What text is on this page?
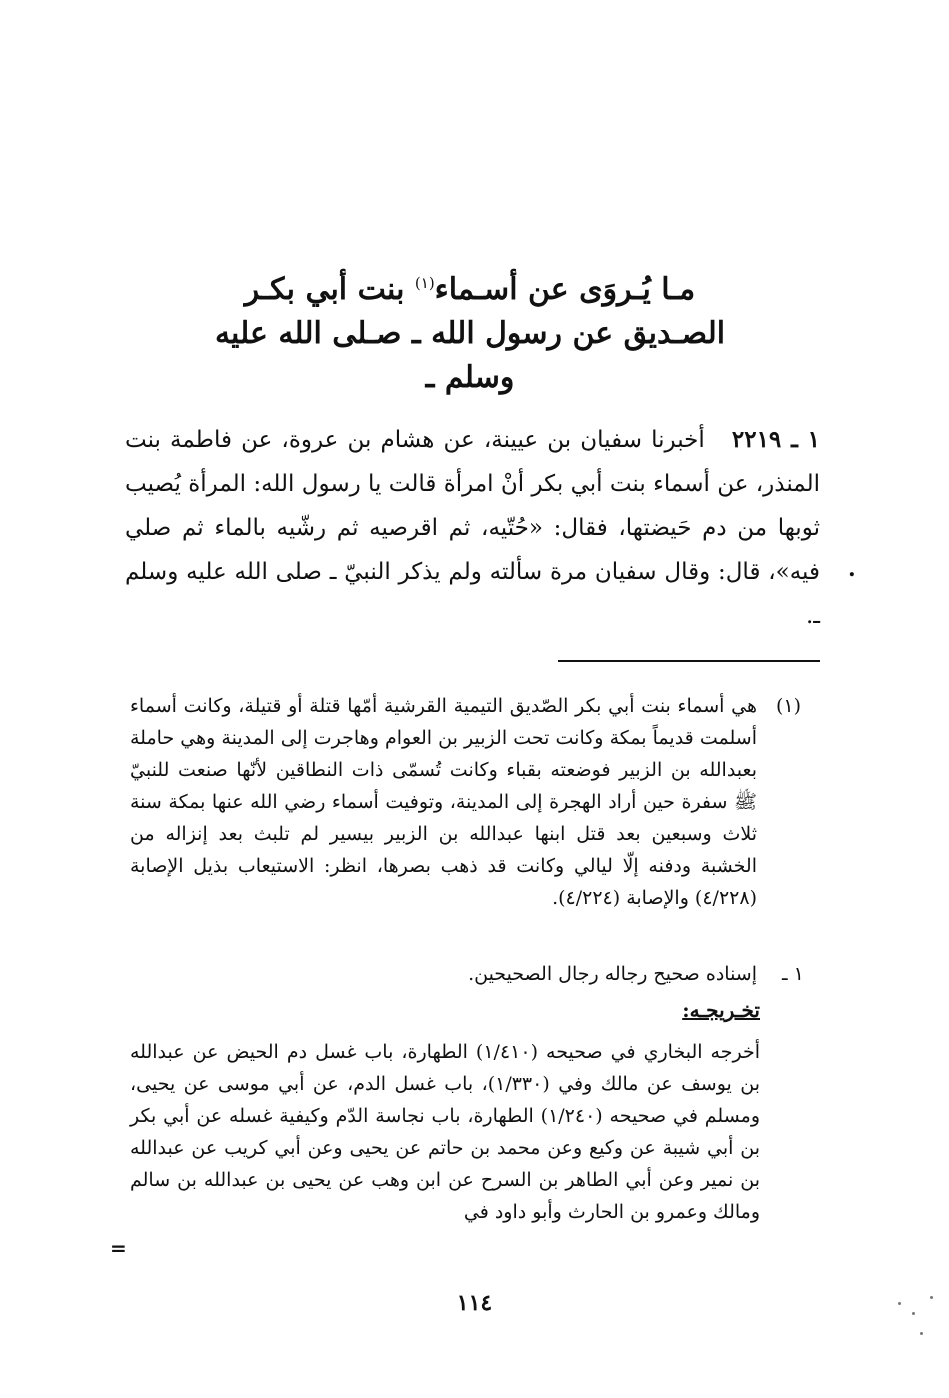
مـا يُـروَى عن أسـماء$^{(١)}$ بنت أبي بكـر
الصـديق عن رسول الله ـ صـلى الله عليه
وسلم ـ
١ ـ ٢٢١٩ أخبرنا سفيان بن عيينة، عن هشام بن عروة، عن فاطمة بنت المنذر، عن أسماء بنت أبي بكر أنْ امرأة قالت يا رسول الله: المرأة يُصيب ثوبها من دم حَيضتها، فقال: «حُتّيه، ثم اقرصيه ثم رشّيه بالماء ثم صلي فيه»، قال: وقال سفيان مرة سألته ولم يذكر النبيّ ـ صلى الله عليه وسلم ـ.
.
(١)
هي أسماء بنت أبي بكر الصّديق التيمية القرشية أمّها قتلة أو قتيلة، وكانت أسماء أسلمت قديماً بمكة وكانت تحت الزبير بن العوام وهاجرت إلى المدينة وهي حاملة بعبدالله بن الزبير فوضعته بقباء وكانت تُسمّى ذات النطاقين لأنّها صنعت للنبيّ ﷺ سفرة حين أراد الهجرة إلى المدينة، وتوفيت أسماء رضي الله عنها بمكة سنة ثلاث وسبعين بعد قتل ابنها عبدالله بن الزبير بيسير لم تلبث بعد إنزاله من الخشبة ودفنه إلّا ليالي وكانت قد ذهب بصرها، انظر: الاستيعاب بذيل الإصابة (٤/٢٢٨) والإصابة (٤/٢٢٤).
١ ـ
إسناده صحيح رجاله رجال الصحيحين.
تخـريجـه:
أخرجه البخاري في صحيحه (١/٤١٠) الطهارة، باب غسل دم الحيض عن عبدالله بن يوسف عن مالك وفي (١/٣٣٠)، باب غسل الدم، عن أبي موسى عن يحيى، ومسلم في صحيحه (١/٢٤٠) الطهارة، باب نجاسة الدّم وكيفية غسله عن أبي بكر بن أبي شيبة عن وكيع وعن محمد بن حاتم عن يحيى وعن أبي كريب عن عبدالله بن نمير وعن أبي الطاهر بن السرح عن ابن وهب عن يحيى بن عبدالله بن سالم ومالك وعمرو بن الحارث وأبو داود في
=
١١٤
